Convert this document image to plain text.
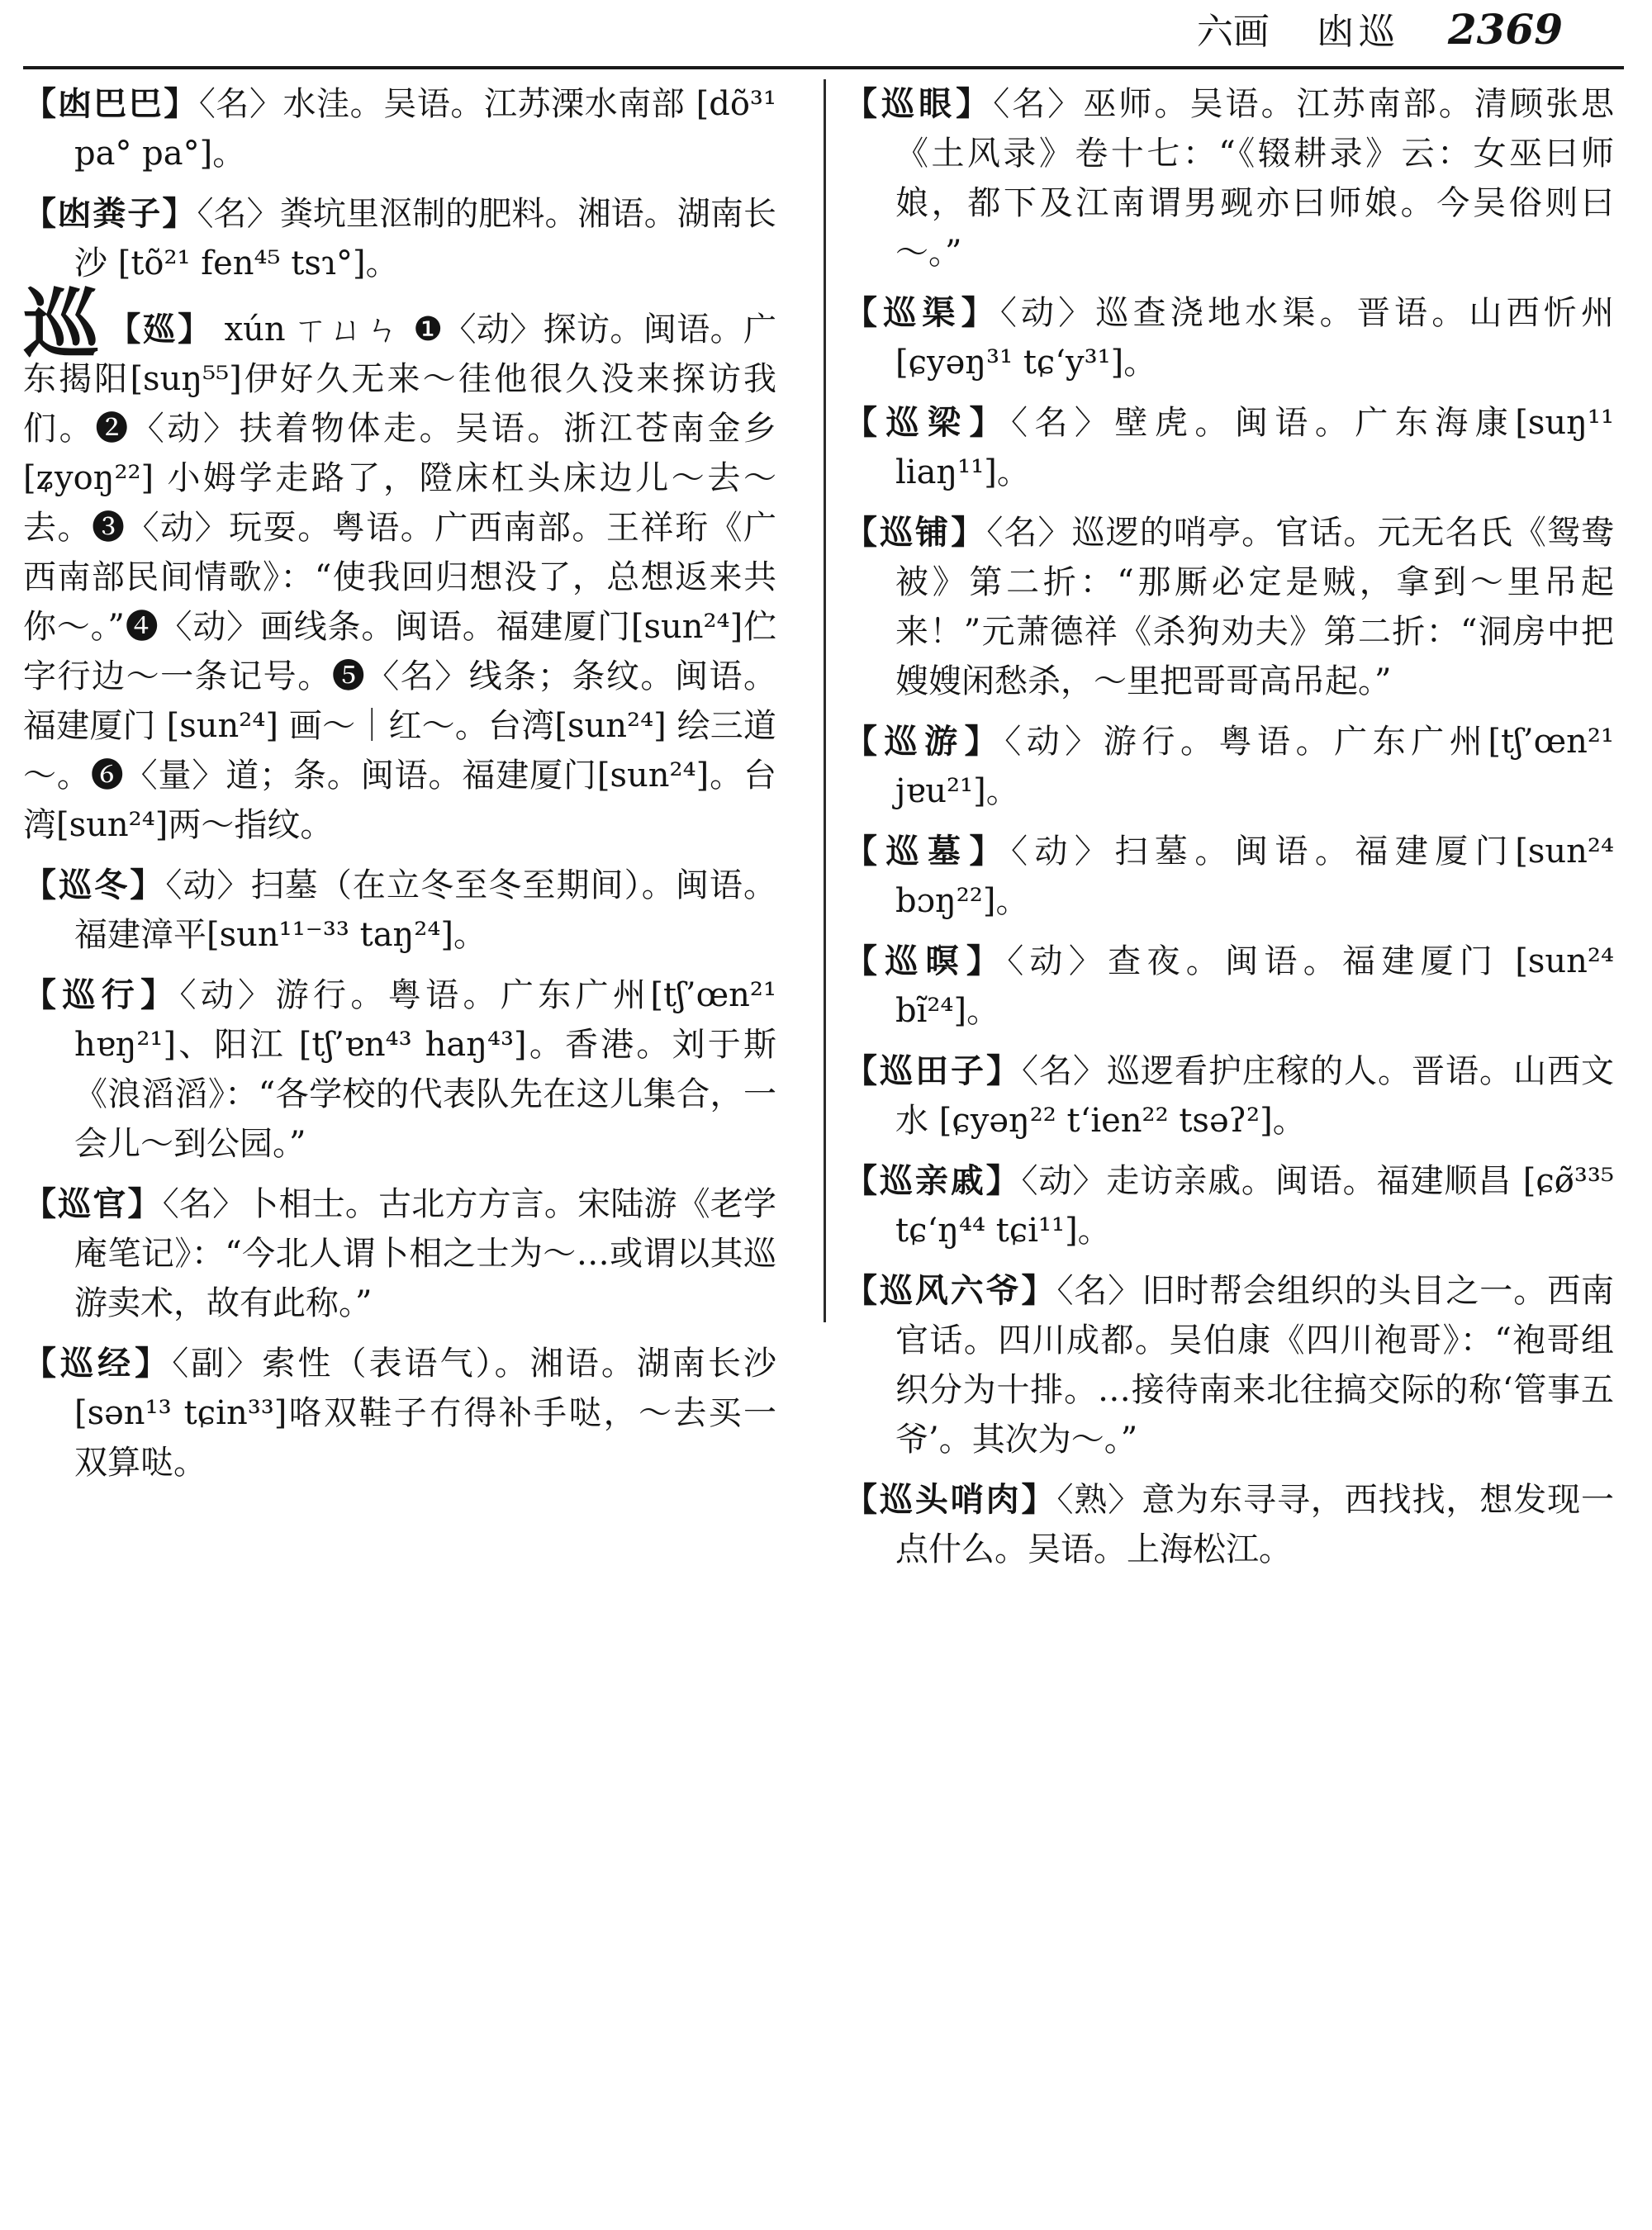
六画 凼巡 2369

【凼巴巴】〈名〉水洼。吴语。江苏溧水南部 [dõ³¹ pa° pa°]。

【凼粪子】〈名〉粪坑里沤制的肥料。湘语。湖南长沙 [tõ²¹ fen⁴⁵ tsɿ°]。

巡 【廵】 xún ㄒㄩㄣ ❶〈动〉探访。闽语。广东揭阳[suŋ⁵⁵]伊好久无来～徍他很久没来探访我们。❷〈动〉扶着物体走。吴语。浙江苍南金乡[ʑyoŋ²²] 小姆学走路了，隥床杠头床边儿～去～去。❸〈动〉玩耍。粤语。广西南部。王祥珩《广西南部民间情歌》：“使我回归想没了，总想返来共你～。”❹〈动〉画线条。闽语。福建厦门[sun²⁴]伫字行边～一条记号。❺〈名〉线条；条纹。闽语。福建厦门 [sun²⁴] 画～｜红～。台湾[sun²⁴] 绘三道～。❻〈量〉道；条。闽语。福建厦门[sun²⁴]。台湾[sun²⁴]两～指纹。

【巡冬】〈动〉扫墓（在立冬至冬至期间）。闽语。福建漳平[sun¹¹⁻³³ taŋ²⁴]。

【巡行】〈动〉游行。粤语。广东广州[tʃ’œn²¹ hɐŋ²¹]、阳江 [tʃ’ɐn⁴³ haŋ⁴³]。香港。刘于斯《浪滔滔》：“各学校的代表队先在这儿集合，一会儿～到公园。”

【巡官】〈名〉卜相士。古北方方言。宋陆游《老学庵笔记》：“今北人谓卜相之士为～…或谓以其巡游卖术，故有此称。”

【巡经】〈副〉索性（表语气）。湘语。湖南长沙[sən¹³ tɕin³³]咯双鞋子冇得补手哒，～去买一双算哒。

【巡眼】〈名〉巫师。吴语。江苏南部。清顾张思《土风录》卷十七：“《辍耕录》云：女巫曰师娘，都下及江南谓男觋亦曰师娘。今吴俗则曰～。”

【巡渠】〈动〉巡查浇地水渠。晋语。山西忻州[ɕyəŋ³¹ tɕ‘y³¹]。

【巡梁】〈名〉壁虎。闽语。广东海康[suŋ¹¹ liaŋ¹¹]。

【巡铺】〈名〉巡逻的哨亭。官话。元无名氏《鸳鸯被》第二折：“那厮必定是贼，拿到～里吊起来！”元萧德祥《杀狗劝夫》第二折：“洞房中把嫂嫂闲愁杀，～里把哥哥高吊起。”

【巡游】〈动〉游行。粤语。广东广州[tʃ’œn²¹ jɐu²¹]。

【巡墓】〈动〉扫墓。闽语。福建厦门[sun²⁴ bɔŋ²²]。

【巡暝】〈动〉查夜。闽语。福建厦门 [sun²⁴ bĩ²⁴]。

【巡田子】〈名〉巡逻看护庄稼的人。晋语。山西文水 [ɕyəŋ²² t‘ien²² tsəʔ²]。

【巡亲戚】〈动〉走访亲戚。闽语。福建顺昌 [ɕø̃³³⁵ tɕ‘ŋ⁴⁴ tɕi¹¹]。

【巡风六爷】〈名〉旧时帮会组织的头目之一。西南官话。四川成都。吴伯康《四川袍哥》：“袍哥组织分为十排。…接待南来北往搞交际的称‘管事五爷’。其次为～。”

【巡头哨肉】〈熟〉意为东寻寻，西找找，想发现一点什么。吴语。上海松江。
